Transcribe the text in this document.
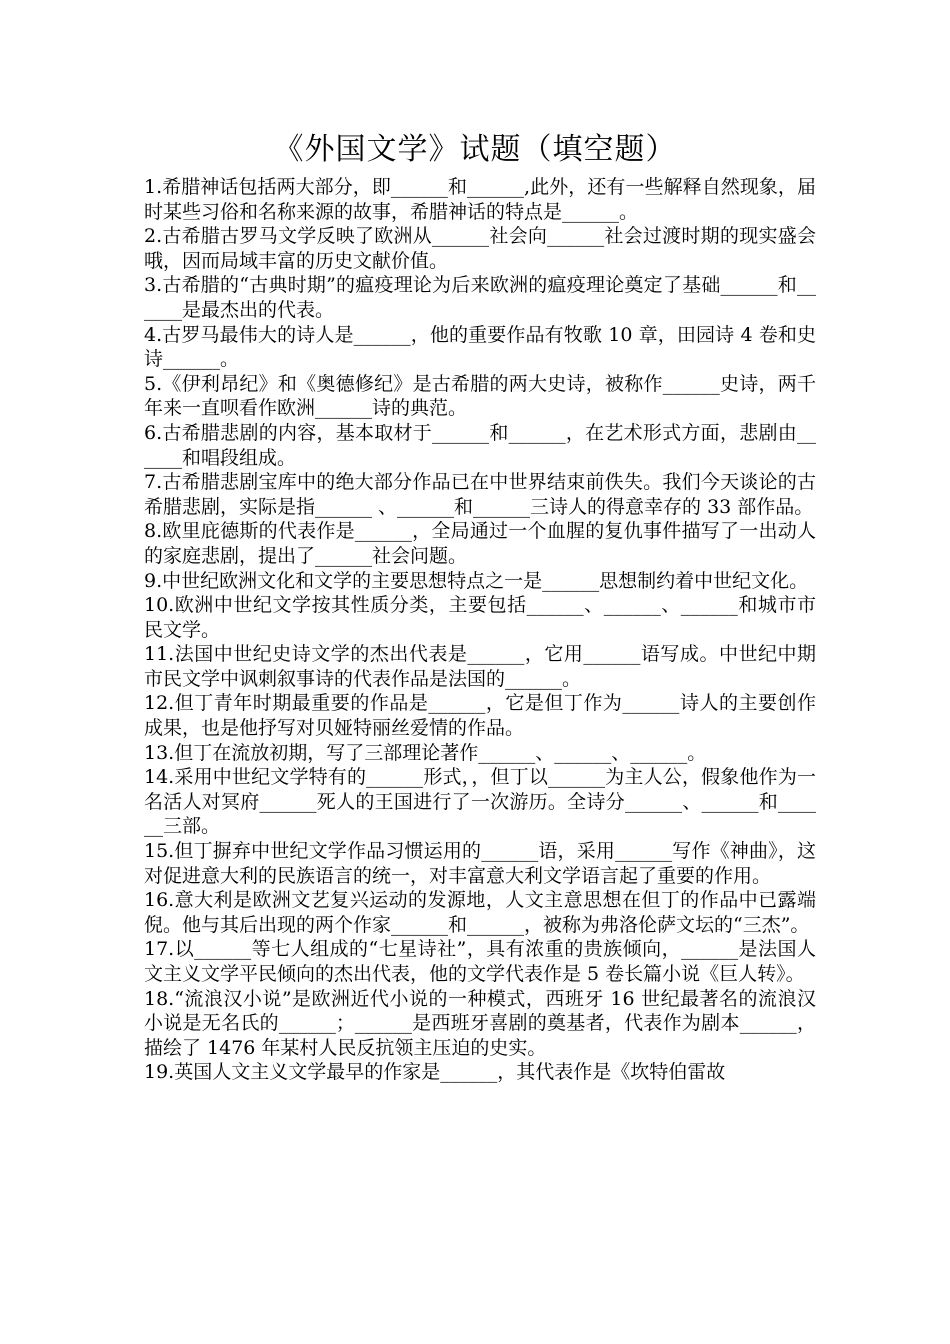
《外国文学》试题（填空题）

1.希腊神话包括两大部分，即______和______,此外，还有一些解释自然现象，届时某些习俗和名称来源的故事，希腊神话的特点是______。

2.古希腊古罗马文学反映了欧洲从______社会向______社会过渡时期的现实盛会哦，因而局域丰富的历史文献价值。

3.古希腊的“古典时期”的瘟疫理论为后来欧洲的瘟疫理论奠定了基础______和______是最杰出的代表。

4.古罗马最伟大的诗人是______，他的重要作品有牧歌 10 章，田园诗 4 卷和史诗______。

5.《伊利昂纪》和《奥德修纪》是古希腊的两大史诗，被称作______史诗，两千年来一直呗看作欧洲______诗的典范。

6.古希腊悲剧的内容，基本取材于______和______，在艺术形式方面，悲剧由______和唱段组成。

7.古希腊悲剧宝库中的绝大部分作品已在中世界结束前佚失。我们今天谈论的古希腊悲剧，实际是指______ 、______和______三诗人的得意幸存的 33 部作品。

8.欧里庇德斯的代表作是______，全局通过一个血腥的复仇事件描写了一出动人的家庭悲剧，提出了______社会问题。

9.中世纪欧洲文化和文学的主要思想特点之一是______思想制约着中世纪文化。

10.欧洲中世纪文学按其性质分类，主要包括______、______、______和城市市民文学。

11.法国中世纪史诗文学的杰出代表是______，它用______语写成。中世纪中期市民文学中讽刺叙事诗的代表作品是法国的______。

12.但丁青年时期最重要的作品是______，它是但丁作为______诗人的主要创作成果，也是他抒写对贝娅特丽丝爱情的作品。

13.但丁在流放初期，写了三部理论著作______、______、______。

14.采用中世纪文学特有的______形式，，但丁以______为主人公，假象他作为一名活人对冥府______死人的王国进行了一次游历。全诗分______、______和______三部。

15.但丁摒弃中世纪文学作品习惯运用的______语，采用______写作《神曲》，这对促进意大利的民族语言的统一，对丰富意大利文学语言起了重要的作用。

16.意大利是欧洲文艺复兴运动的发源地，人文主意思想在但丁的作品中已露端倪。他与其后出现的两个作家______和______，被称为弗洛伦萨文坛的“三杰”。

17.以______等七人组成的“七星诗社”，具有浓重的贵族倾向，______是法国人文主义文学平民倾向的杰出代表，他的文学代表作是 5 卷长篇小说《巨人转》。

18.“流浪汉小说”是欧洲近代小说的一种模式，西班牙 16 世纪最著名的流浪汉小说是无名氏的______；______是西班牙喜剧的奠基者，代表作为剧本______，描绘了 1476 年某村人民反抗领主压迫的史实。

19.英国人文主义文学最早的作家是______，其代表作是《坎特伯雷故
